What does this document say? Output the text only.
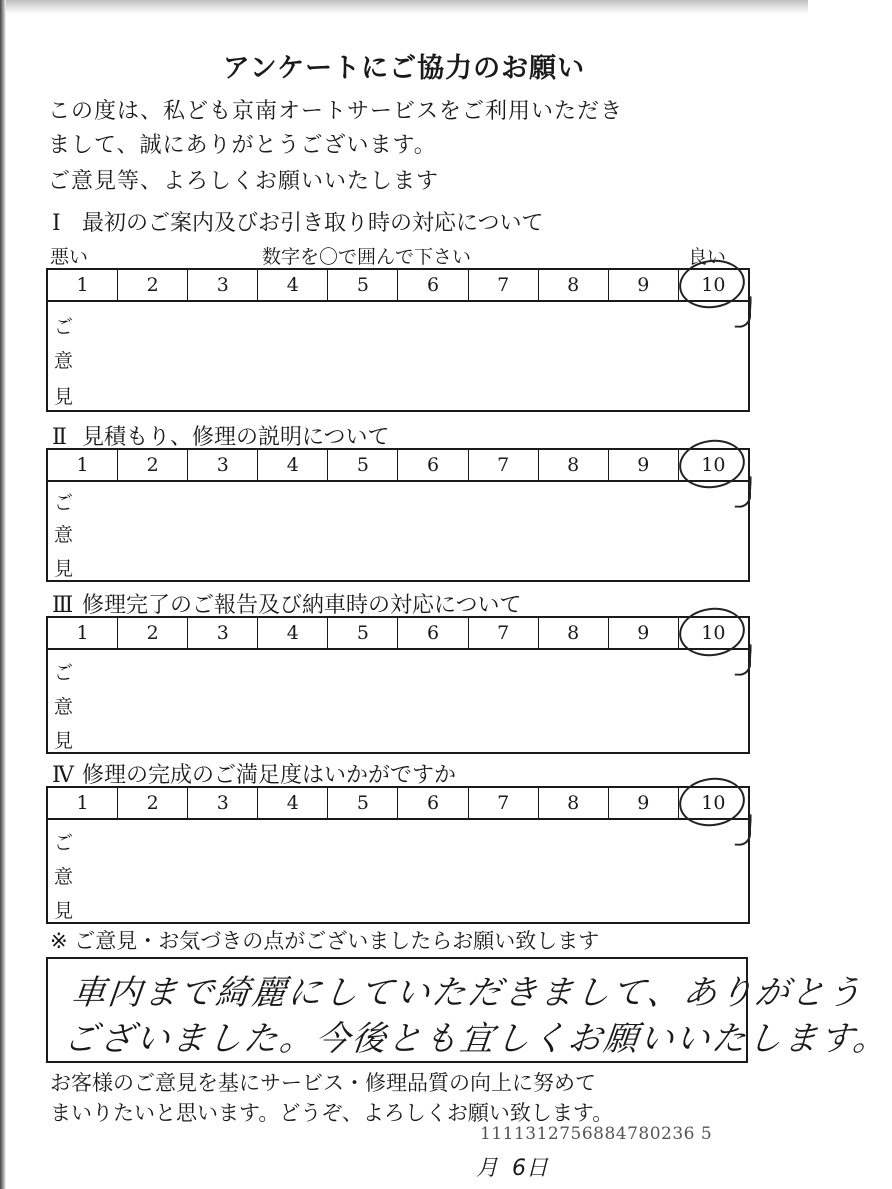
アンケートにご協力のお願い
この度は、私ども京南オートサービスをご利用いただき
まして、誠にありがとうございます。
ご意見等、よろしくお願いいたします
Ⅰ 最初のご案内及びお引き取り時の対応について
悪い	数字を〇で囲んで下さい	良い
1	2	3	4	5	6	7	8	9	10
ご
意
見
Ⅱ 見積もり、修理の説明について
1	2	3	4	5	6	7	8	9	10
ご
意
見
Ⅲ 修理完了のご報告及び納車時の対応について
1	2	3	4	5	6	7	8	9	10
ご
意
見
Ⅳ 修理の完成のご満足度はいかがですか
1	2	3	4	5	6	7	8	9	10
ご
意
見
※ ご意見・お気づきの点がございましたらお願い致します
車内まで綺麗にしていただきまして、ありがとう
ございました。今後とも宜しくお願いいたします。
お客様のご意見を基にサービス・修理品質の向上に努めて
まいりたいと思います。どうぞ、よろしくお願い致します。
1111312756884780236 5
月 6日
